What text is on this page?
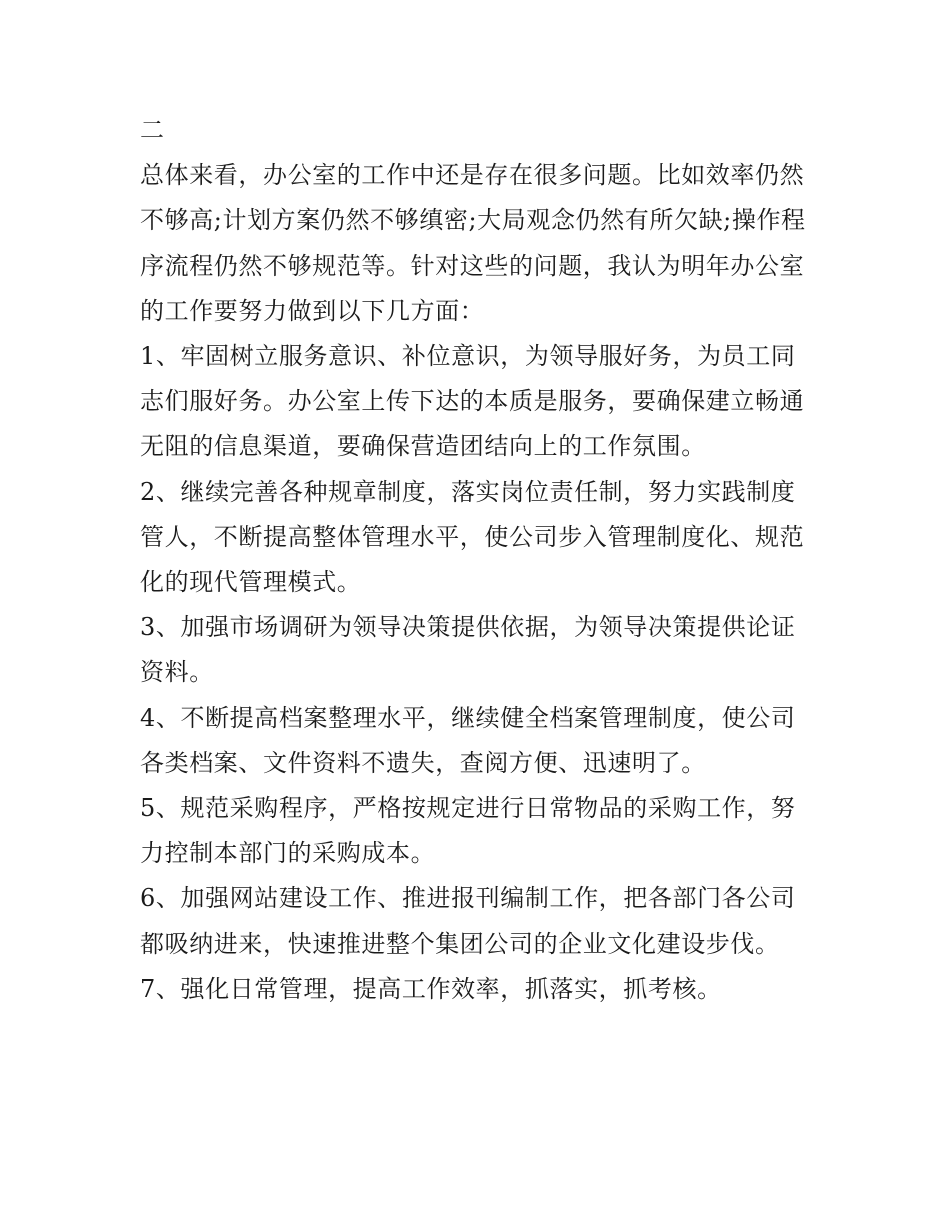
二

总体来看，办公室的工作中还是存在很多问题。比如效率仍然不够高;计划方案仍然不够缜密;大局观念仍然有所欠缺;操作程序流程仍然不够规范等。针对这些的问题，我认为明年办公室的工作要努力做到以下几方面：

1、牢固树立服务意识、补位意识，为领导服好务，为员工同志们服好务。办公室上传下达的本质是服务，要确保建立畅通无阻的信息渠道，要确保营造团结向上的工作氛围。

2、继续完善各种规章制度，落实岗位责任制，努力实践制度管人，不断提高整体管理水平，使公司步入管理制度化、规范化的现代管理模式。

3、加强市场调研为领导决策提供依据，为领导决策提供论证资料。

4、不断提高档案整理水平，继续健全档案管理制度，使公司各类档案、文件资料不遗失，查阅方便、迅速明了。

5、规范采购程序，严格按规定进行日常物品的采购工作，努力控制本部门的采购成本。

6、加强网站建设工作、推进报刊编制工作，把各部门各公司都吸纳进来，快速推进整个集团公司的企业文化建设步伐。

7、强化日常管理，提高工作效率，抓落实，抓考核。
